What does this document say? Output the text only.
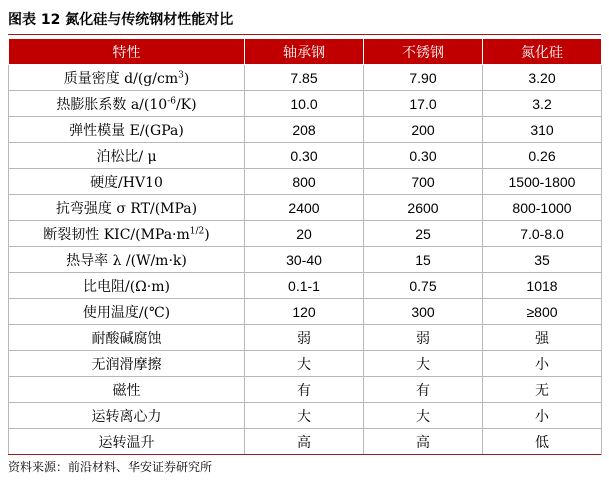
图表 12 氮化硅与传统钢材性能对比
特性	轴承钢	不锈钢	氮化硅
质量密度 $d/(g/cm^3)$	7.85	7.90	3.20
热膨胀系数 $a/(10^{-6}/K)$	10.0	17.0	3.2
弹性模量 E/(GPa)	208	200	310
泊松比/ μ	0.30	0.30	0.26
硬度/HV10	800	700	1500-1800
抗弯强度 σ RT/(MPa)	2400	2600	800-1000
断裂韧性 KIC/$(MPa\cdot m^{1/2})$	20	25	7.0-8.0
热导率 λ /(W/m·k)	30-40	15	35
比电阻/(Ω·m)	0.1-1	0.75	1018
使用温度/(℃)	120	300	≥800
耐酸碱腐蚀	弱	弱	强
无润滑摩擦	大	大	小
磁性	有	有	无
运转离心力	大	大	小
运转温升	高	高	低
资料来源：前沿材料、华安证券研究所
